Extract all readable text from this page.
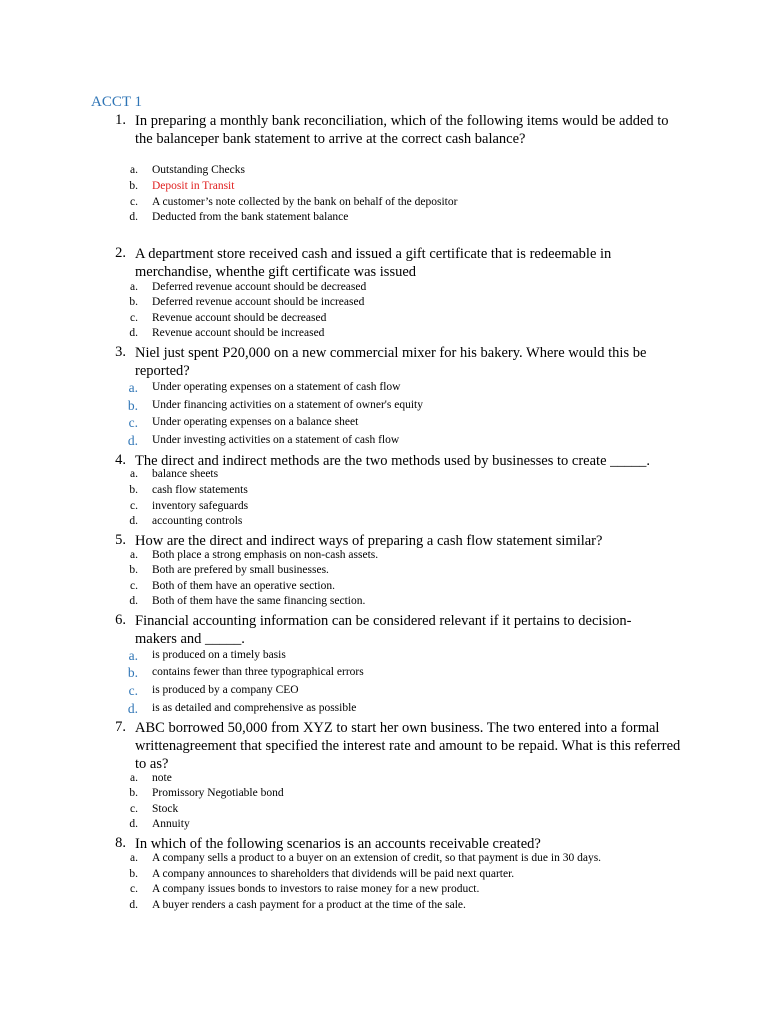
ACCT 1
1. In preparing a monthly bank reconciliation, which of the following items would be added to the balanceper bank statement to arrive at the correct cash balance?
a. Outstanding Checks
b. Deposit in Transit
c. A customer’s note collected by the bank on behalf of the depositor
d. Deducted from the bank statement balance
2. A department store received cash and issued a gift certificate that is redeemable in merchandise, whenthe gift certificate was issued
a. Deferred revenue account should be decreased
b. Deferred revenue account should be increased
c. Revenue account should be decreased
d. Revenue account should be increased
3. Niel just spent P20,000 on a new commercial mixer for his bakery. Where would this be reported?
a. Under operating expenses on a statement of cash flow
b. Under financing activities on a statement of owner's equity
c. Under operating expenses on a balance sheet
d. Under investing activities on a statement of cash flow
4. The direct and indirect methods are the two methods used by businesses to create _____.
a. balance sheets
b. cash flow statements
c. inventory safeguards
d. accounting controls
5. How are the direct and indirect ways of preparing a cash flow statement similar?
a. Both place a strong emphasis on non-cash assets.
b. Both are prefered by small businesses.
c. Both of them have an operative section.
d. Both of them have the same financing section.
6. Financial accounting information can be considered relevant if it pertains to decision-makers and _____.
a. is produced on a timely basis
b. contains fewer than three typographical errors
c. is produced by a company CEO
d. is as detailed and comprehensive as possible
7. ABC borrowed 50,000 from XYZ to start her own business. The two entered into a formal writtenagreement that specified the interest rate and amount to be repaid. What is this referred to as?
a. note
b. Promissory Negotiable bond
c. Stock
d. Annuity
8. In which of the following scenarios is an accounts receivable created?
a. A company sells a product to a buyer on an extension of credit, so that payment is due in 30 days.
b. A company announces to shareholders that dividends will be paid next quarter.
c. A company issues bonds to investors to raise money for a new product.
d. A buyer renders a cash payment for a product at the time of the sale.
